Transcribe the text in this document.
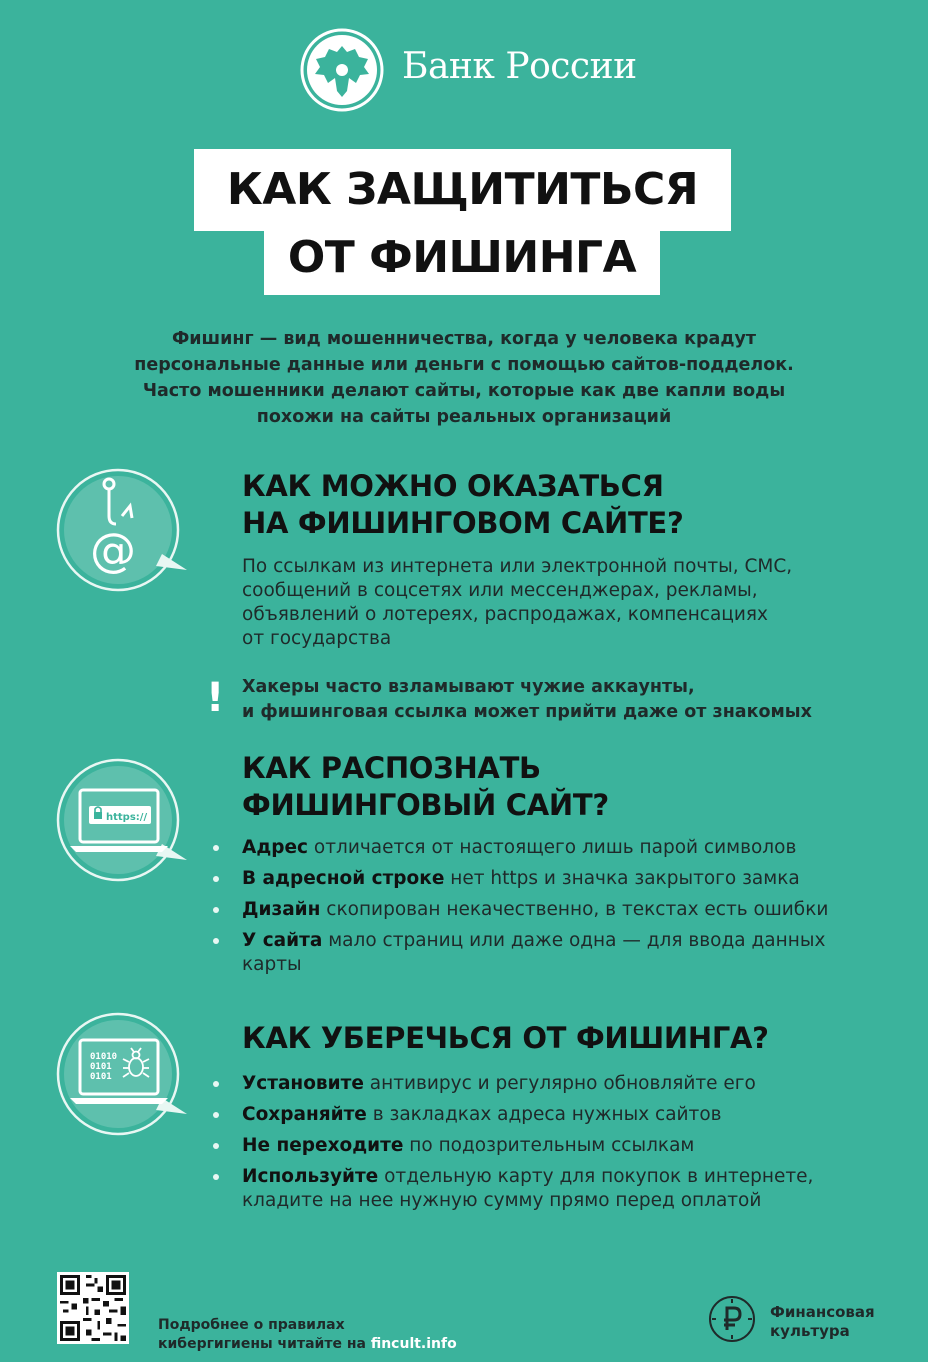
Банк России
КАК ЗАЩИТИТЬСЯ
ОТ ФИШИНГА
Фишинг — вид мошенничества, когда у человека крадут
персональные данные или деньги с помощью сайтов-подделок.
Часто мошенники делают сайты, которые как две капли воды
похожи на сайты реальных организаций
@
КАК МОЖНО ОКАЗАТЬСЯ
НА ФИШИНГОВОМ САЙТЕ?
По ссылкам из интернета или электронной почты, СМС,
сообщений в соцсетях или мессенджерах, рекламы,
объявлений о лотереях, распродажах, компенсациях
от государства
! Хакеры часто взламывают чужие аккаунты,
и фишинговая ссылка может прийти даже от знакомых
https://
КАК РАСПОЗНАТЬ
ФИШИНГОВЫЙ САЙТ?
Адрес отличается от настоящего лишь парой символов
В адресной строке нет https и значка закрытого замка
Дизайн скопирован некачественно, в текстах есть ошибки
У сайта мало страниц или даже одна — для ввода данных
карты
01010
0101
0101
КАК УБЕРЕЧЬСЯ ОТ ФИШИНГА?
Установите антивирус и регулярно обновляйте его
Сохраняйте в закладках адреса нужных сайтов
Не переходите по подозрительным ссылкам
Используйте отдельную карту для покупок в интернете,
кладите на нее нужную сумму прямо перед оплатой
Подробнее о правилах
кибергигиены читайте на fincult.info
Финансовая
культура
